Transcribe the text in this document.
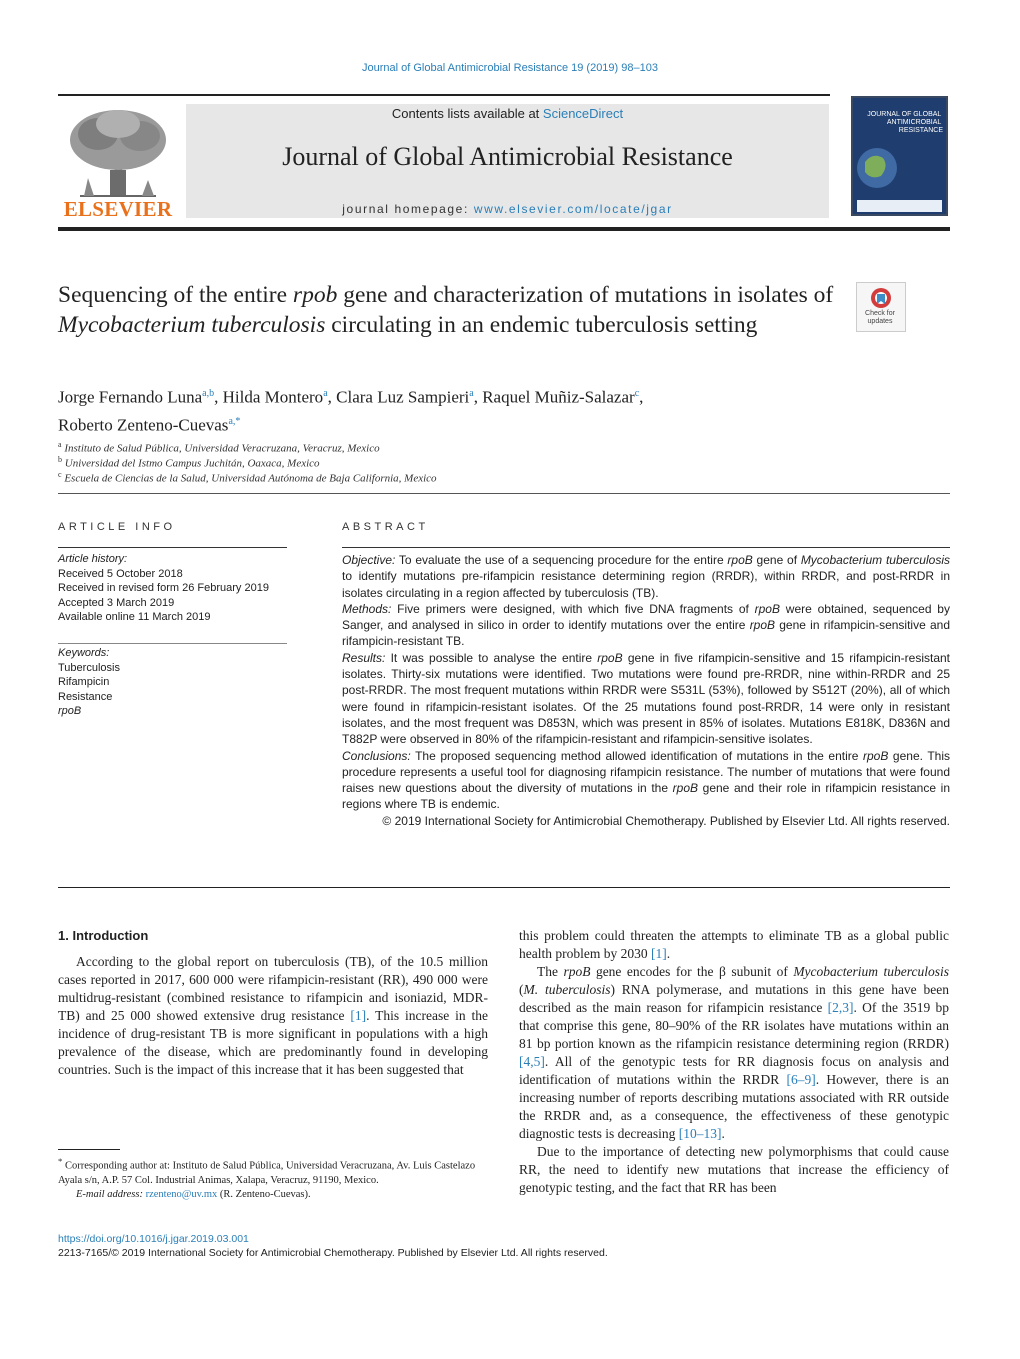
Journal of Global Antimicrobial Resistance 19 (2019) 98–103
ELSEVIER
Contents lists available at ScienceDirect
Journal of Global Antimicrobial Resistance
journal homepage: www.elsevier.com/locate/jgar
JOURNAL OF GLOBAL ANTIMICROBIAL RESISTANCE
Sequencing of the entire rpob gene and characterization of mutations in isolates of Mycobacterium tuberculosis circulating in an endemic tuberculosis setting	Check for updates
Jorge Fernando Luna$^{a,b}$, Hilda Montero$^a$, Clara Luz Sampieri$^a$, Raquel Muñiz-Salazar$^c$,
Roberto Zenteno-Cuevas$^{a,*}$
$^a$ Instituto de Salud Pública, Universidad Veracruzana, Veracruz, Mexico
$^b$ Universidad del Istmo Campus Juchitán, Oaxaca, Mexico
$^c$ Escuela de Ciencias de la Salud, Universidad Autónoma de Baja California, Mexico
ARTICLE INFO	ABSTRACT
Article history:
Received 5 October 2018
Received in revised form 26 February 2019
Accepted 3 March 2019
Available online 11 March 2019
Keywords:
Tuberculosis
Rifampicin
Resistance
rpoB

Objective: To evaluate the use of a sequencing procedure for the entire rpoB gene of Mycobacterium tuberculosis to identify mutations pre-rifampicin resistance determining region (RRDR), within RRDR, and post-RRDR in isolates circulating in a region affected by tuberculosis (TB).

Methods: Five primers were designed, with which five DNA fragments of rpoB were obtained, sequenced by Sanger, and analysed in silico in order to identify mutations over the entire rpoB gene in rifampicin-sensitive and rifampicin-resistant TB.

Results: It was possible to analyse the entire rpoB gene in five rifampicin-sensitive and 15 rifampicin-resistant isolates. Thirty-six mutations were identified. Two mutations were found pre-RRDR, nine within-RRDR and 25 post-RRDR. The most frequent mutations within RRDR were S531L (53%), followed by S512T (20%), all of which were found in rifampicin-resistant isolates. Of the 25 mutations found post-RRDR, 14 were only in resistant isolates, and the most frequent was D853N, which was present in 85% of isolates. Mutations E818K, D836N and T882P were observed in 80% of the rifampicin-resistant and rifampicin-sensitive isolates.

Conclusions: The proposed sequencing method allowed identification of mutations in the entire rpoB gene. This procedure represents a useful tool for diagnosing rifampicin resistance. The number of mutations that were found raises new questions about the diversity of mutations in the rpoB gene and their role in rifampicin resistance in regions where TB is endemic.

© 2019 International Society for Antimicrobial Chemotherapy. Published by Elsevier Ltd. All rights reserved.

1. Introduction

According to the global report on tuberculosis (TB), of the 10.5 million cases reported in 2017, 600 000 were rifampicin-resistant (RR), 490 000 were multidrug-resistant (combined resistance to rifampicin and isoniazid, MDR-TB) and 25 000 showed extensive drug resistance [1]. This increase in the incidence of drug-resistant TB is more significant in populations with a high prevalence of the disease, which are predominantly found in developing countries. Such is the impact of this increase that it has been suggested that

this problem could threaten the attempts to eliminate TB as a global public health problem by 2030 [1].

The rpoB gene encodes for the β subunit of Mycobacterium tuberculosis (M. tuberculosis) RNA polymerase, and mutations in this gene have been described as the main reason for rifampicin resistance [2,3]. Of the 3519 bp that comprise this gene, 80–90% of the RR isolates have mutations within an 81 bp portion known as the rifampicin resistance determining region (RRDR) [4,5]. All of the genotypic tests for RR diagnosis focus on analysis and identification of mutations within the RRDR [6–9]. However, there is an increasing number of reports describing mutations associated with RR outside the RRDR and, as a consequence, the effectiveness of these genotypic diagnostic tests is decreasing [10–13].

Due to the importance of detecting new polymorphisms that could cause RR, the need to identify new mutations that increase the efficiency of genotypic testing, and the fact that RR has been

* Corresponding author at: Instituto de Salud Pública, Universidad Veracruzana, Av. Luis Castelazo Ayala s/n, A.P. 57 Col. Industrial Animas, Xalapa, Veracruz, 91190, Mexico.

E-mail address: rzenteno@uv.mx (R. Zenteno-Cuevas).

https://doi.org/10.1016/j.jgar.2019.03.001
2213-7165/© 2019 International Society for Antimicrobial Chemotherapy. Published by Elsevier Ltd. All rights reserved.
